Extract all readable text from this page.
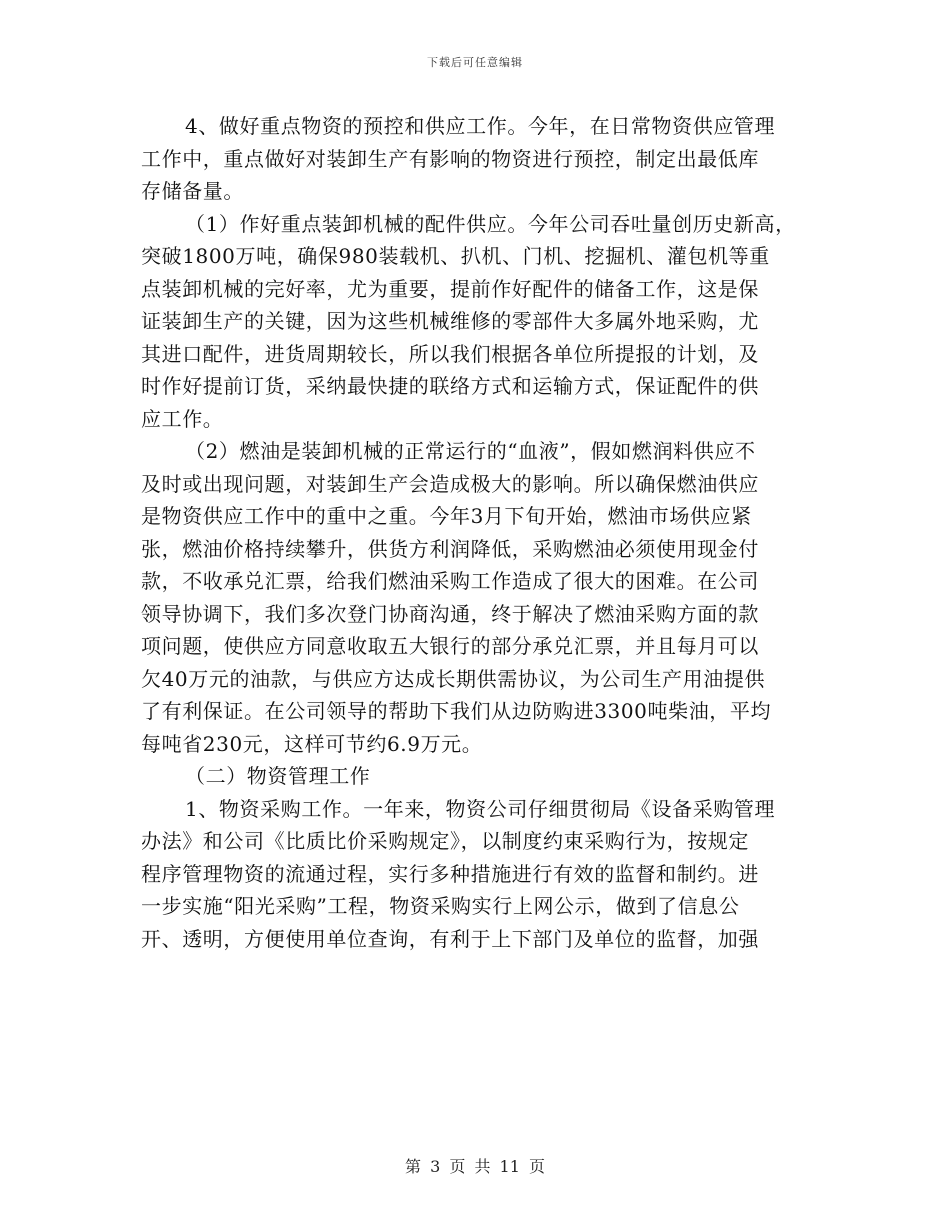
下载后可任意编辑
4、做好重点物资的预控和供应工作。今年，在日常物资供应管理
工作中，重点做好对装卸生产有影响的物资进行预控，制定出最低库
存储备量。
（1）作好重点装卸机械的配件供应。今年公司吞吐量创历史新高，
突破1800万吨，确保980装载机、扒机、门机、挖掘机、灌包机等重
点装卸机械的完好率，尤为重要，提前作好配件的储备工作，这是保
证装卸生产的关键，因为这些机械维修的零部件大多属外地采购，尤
其进口配件，进货周期较长，所以我们根据各单位所提报的计划，及
时作好提前订货，采纳最快捷的联络方式和运输方式，保证配件的供
应工作。
（2）燃油是装卸机械的正常运行的“血液”，假如燃润料供应不
及时或出现问题，对装卸生产会造成极大的影响。所以确保燃油供应
是物资供应工作中的重中之重。今年3月下旬开始，燃油市场供应紧
张，燃油价格持续攀升，供货方利润降低，采购燃油必须使用现金付
款，不收承兑汇票，给我们燃油采购工作造成了很大的困难。在公司
领导协调下，我们多次登门协商沟通，终于解决了燃油采购方面的款
项问题，使供应方同意收取五大银行的部分承兑汇票，并且每月可以
欠40万元的油款，与供应方达成长期供需协议，为公司生产用油提供
了有利保证。在公司领导的帮助下我们从边防购进3300吨柴油，平均
每吨省230元，这样可节约6.9万元。
（二）物资管理工作
1、物资采购工作。一年来，物资公司仔细贯彻局《设备采购管理
办法》和公司《比质比价采购规定》，以制度约束采购行为，按规定
程序管理物资的流通过程，实行多种措施进行有效的监督和制约。进
一步实施“阳光采购”工程，物资采购实行上网公示，做到了信息公
开、透明，方便使用单位查询，有利于上下部门及单位的监督，加强
第 3 页 共 11 页
